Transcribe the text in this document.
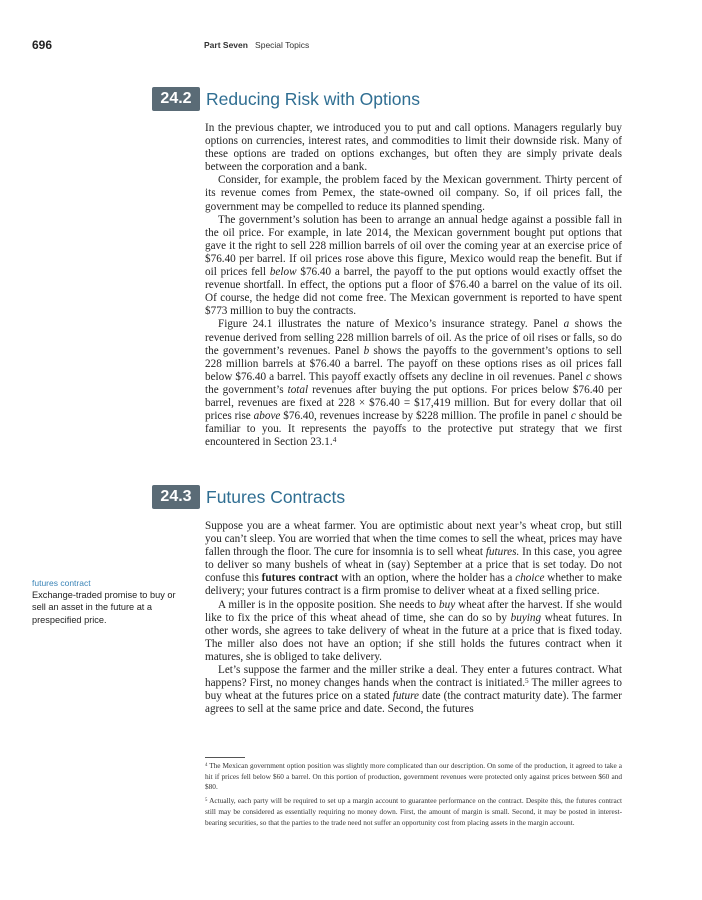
696	Part Seven Special Topics
24.2 Reducing Risk with Options

In the previous chapter, we introduced you to put and call options. Managers regularly buy options on currencies, interest rates, and commodities to limit their downside risk. Many of these options are traded on options exchanges, but often they are simply private deals between the corporation and a bank.

Consider, for example, the problem faced by the Mexican government. Thirty percent of its revenue comes from Pemex, the state-owned oil company. So, if oil prices fall, the government may be compelled to reduce its planned spending.

The government’s solution has been to arrange an annual hedge against a possible fall in the oil price. For example, in late 2014, the Mexican government bought put options that gave it the right to sell 228 million barrels of oil over the coming year at an exercise price of $76.40 per barrel. If oil prices rose above this figure, Mexico would reap the benefit. But if oil prices fell below $76.40 a barrel, the payoff to the put options would exactly offset the revenue shortfall. In effect, the options put a floor of $76.40 a barrel on the value of its oil. Of course, the hedge did not come free. The Mexican government is reported to have spent $773 million to buy the contracts.

Figure 24.1 illustrates the nature of Mexico’s insurance strategy. Panel a shows the revenue derived from selling 228 million barrels of oil. As the price of oil rises or falls, so do the government’s revenues. Panel b shows the payoffs to the government’s options to sell 228 million barrels at $76.40 a barrel. The payoff on these options rises as oil prices fall below $76.40 a barrel. This payoff exactly offsets any decline in oil revenues. Panel c shows the government’s total revenues after buying the put options. For prices below $76.40 per barrel, revenues are fixed at 228 × $76.40 = $17,419 million. But for every dollar that oil prices rise above $76.40, revenues increase by $228 million. The profile in panel c should be familiar to you. It represents the payoffs to the protective put strategy that we first encountered in Section 23.1.$^4$

24.3 Futures Contracts

Suppose you are a wheat farmer. You are optimistic about next year’s wheat crop, but still you can’t sleep. You are worried that when the time comes to sell the wheat, prices may have fallen through the floor. The cure for insomnia is to sell wheat futures. In this case, you agree to deliver so many bushels of wheat in (say) September at a price that is set today. Do not confuse this futures contract with an option, where the holder has a choice whether to make delivery; your futures contract is a firm promise to deliver wheat at a fixed selling price.

A miller is in the opposite position. She needs to buy wheat after the harvest. If she would like to fix the price of this wheat ahead of time, she can do so by buying wheat futures. In other words, she agrees to take delivery of wheat in the future at a price that is fixed today. The miller also does not have an option; if she still holds the futures contract when it matures, she is obliged to take delivery.

Let’s suppose the farmer and the miller strike a deal. They enter a futures contract. What happens? First, no money changes hands when the contract is initiated.$^5$ The miller agrees to buy wheat at the futures price on a stated future date (the contract maturity date). The farmer agrees to sell at the same price and date. Second, the futures

futures contract
Exchange-traded promise to buy or sell an asset in the future at a prespecified price.

$^4$ The Mexican government option position was slightly more complicated than our description. On some of the production, it agreed to take a hit if prices fell below $60 a barrel. On this portion of production, government revenues were protected only against prices between $60 and $80.

$^5$ Actually, each party will be required to set up a margin account to guarantee performance on the contract. Despite this, the futures contract still may be considered as essentially requiring no money down. First, the amount of margin is small. Second, it may be posted in interest-bearing securities, so that the parties to the trade need not suffer an opportunity cost from placing assets in the margin account.
